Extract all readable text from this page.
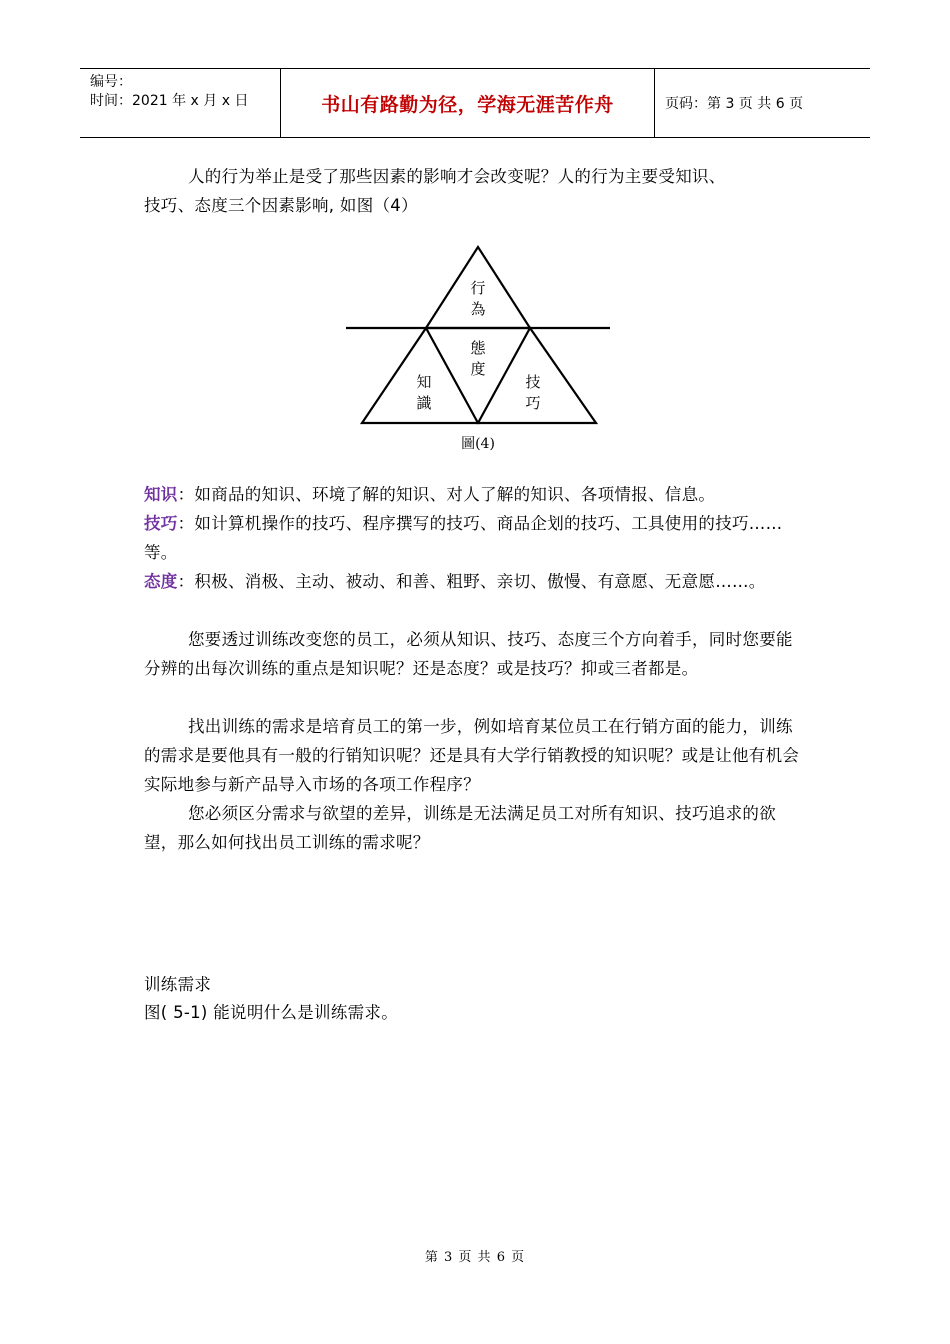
编号：
时间：2021 年 x 月 x 日	书山有路勤为径，学海无涯苦作舟	页码：第 3 页 共 6 页

人的行为举止是受了那些因素的影响才会改变呢？人的行为主要受知识、

技巧、态度三个因素影响, 如图（4）

行
為
態
度
知
識
技
巧
圖(4)

知识：如商品的知识、环境了解的知识、对人了解的知识、各项情报、信息。

技巧：如计算机操作的技巧、程序撰写的技巧、商品企划的技巧、工具使用的技巧……等。

态度：积极、消极、主动、被动、和善、粗野、亲切、傲慢、有意愿、无意愿……。

您要透过训练改变您的员工，必须从知识、技巧、态度三个方向着手，同时您要能分辨的出每次训练的重点是知识呢？还是态度？或是技巧？抑或三者都是。

找出训练的需求是培育员工的第一步，例如培育某位员工在行销方面的能力，训练的需求是要他具有一般的行销知识呢？还是具有大学行销教授的知识呢？或是让他有机会实际地参与新产品导入市场的各项工作程序？

您必须区分需求与欲望的差异，训练是无法满足员工对所有知识、技巧追求的欲望，那么如何找出员工训练的需求呢？

训练需求

图( 5-1) 能说明什么是训练需求。

第 3 页 共 6 页
